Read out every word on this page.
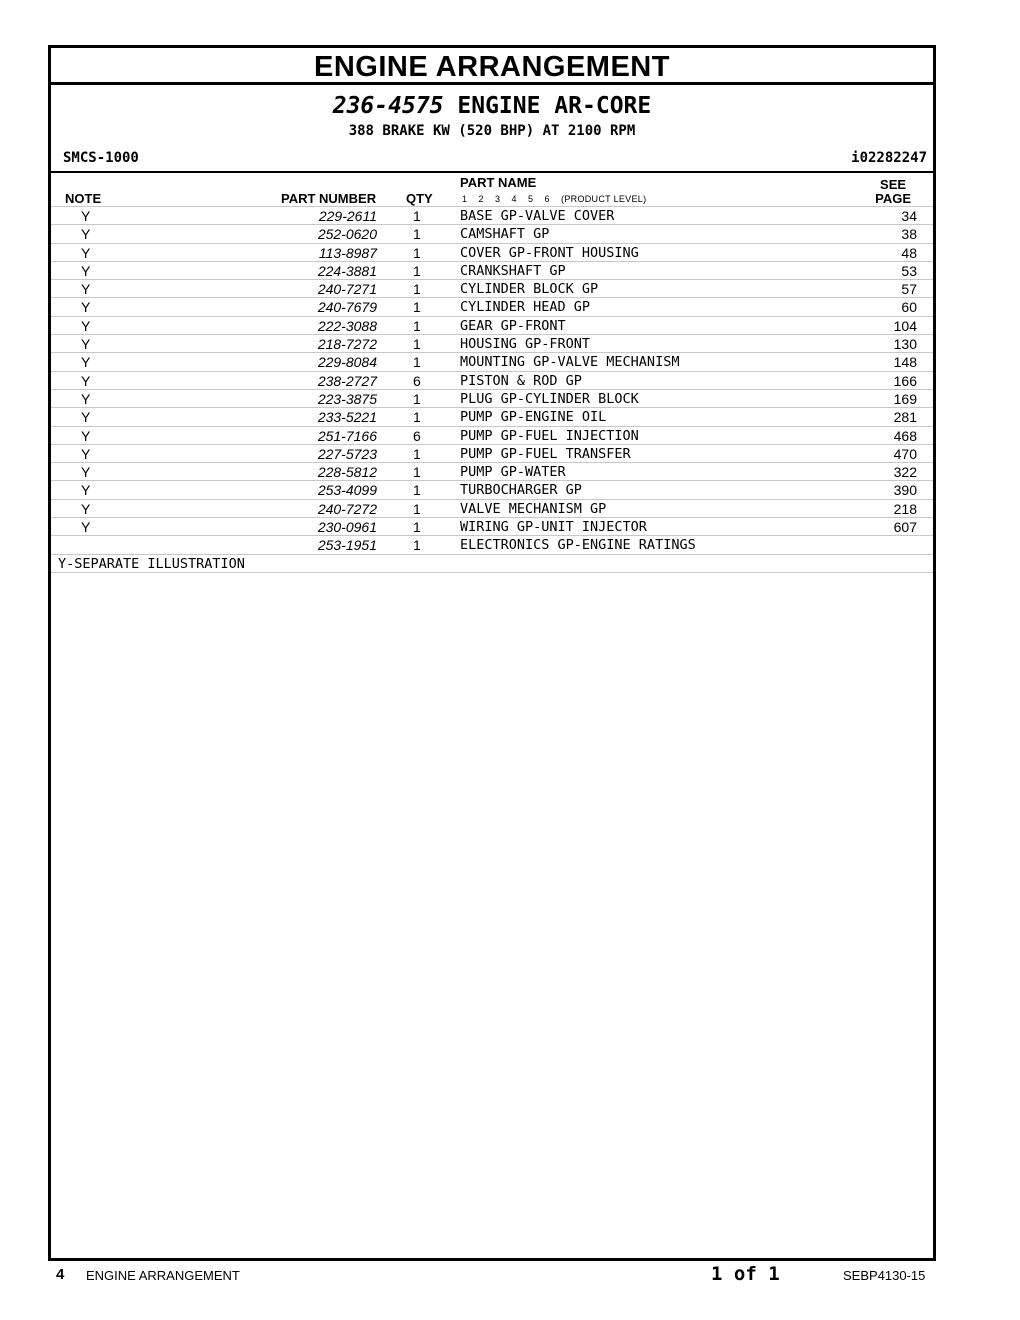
ENGINE ARRANGEMENT
236-4575 ENGINE AR-CORE
388 BRAKE KW (520 BHP) AT 2100 RPM
SMCS-1000	i02282247
NOTE	PART NUMBER QTY
PART NAME
1    2    3    4    5    6    (PRODUCT LEVEL)
SEE
PAGE
Y	229-2611	1	BASE GP-VALVE COVER	34
Y	252-0620	1	CAMSHAFT GP	38
Y	113-8987	1	COVER GP-FRONT HOUSING	48
Y	224-3881	1	CRANKSHAFT GP	53
Y	240-7271	1	CYLINDER BLOCK GP	57
Y	240-7679	1	CYLINDER HEAD GP	60
Y	222-3088	1	GEAR GP-FRONT	104
Y	218-7272	1	HOUSING GP-FRONT	130
Y	229-8084	1	MOUNTING GP-VALVE MECHANISM	148
Y	238-2727	6	PISTON & ROD GP	166
Y	223-3875	1	PLUG GP-CYLINDER BLOCK	169
Y	233-5221	1	PUMP GP-ENGINE OIL	281
Y	251-7166	6	PUMP GP-FUEL INJECTION	468
Y	227-5723	1	PUMP GP-FUEL TRANSFER	470
Y	228-5812	1	PUMP GP-WATER	322
Y	253-4099	1	TURBOCHARGER GP	390
Y	240-7272	1	VALVE MECHANISM GP	218
Y	230-0961	1	WIRING GP-UNIT INJECTOR	607
253-1951	1	ELECTRONICS GP-ENGINE RATINGS
Y-SEPARATE ILLUSTRATION
4 ENGINE ARRANGEMENT	1 of 1	SEBP4130-15
